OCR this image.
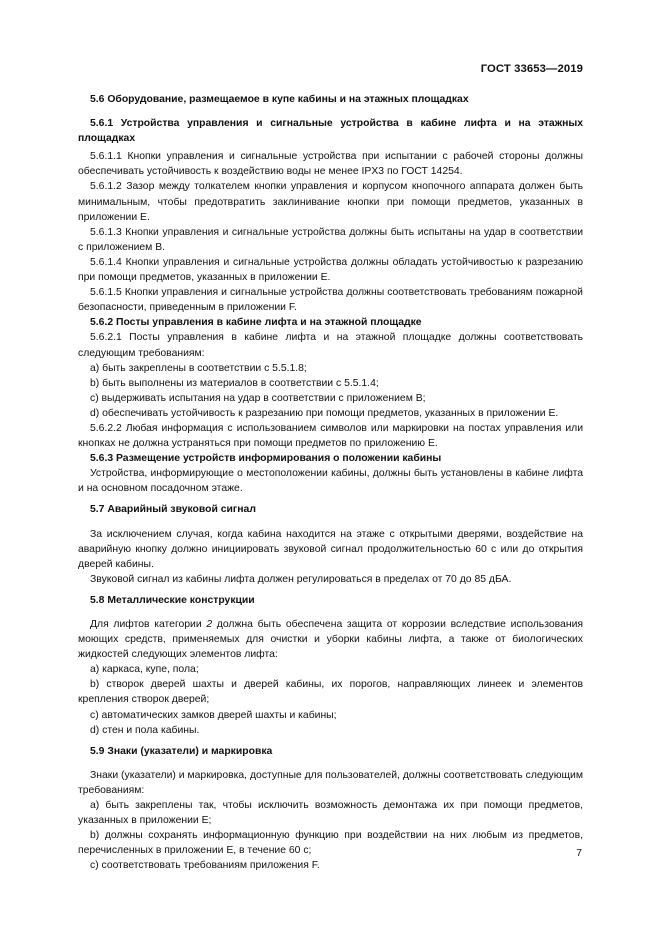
ГОСТ 33653—2019

5.6 Оборудование, размещаемое в купе кабины и на этажных площадках

5.6.1 Устройства управления и сигнальные устройства в кабине лифта и на этажных площадках

5.6.1.1 Кнопки управления и сигнальные устройства при испытании с рабочей стороны должны обеспечивать устойчивость к воздействию воды не менее IPX3 по ГОСТ 14254.

5.6.1.2 Зазор между толкателем кнопки управления и корпусом кнопочного аппарата должен быть минимальным, чтобы предотвратить заклинивание кнопки при помощи предметов, указанных в приложении Е.

5.6.1.3 Кнопки управления и сигнальные устройства должны быть испытаны на удар в соответствии с приложением В.

5.6.1.4 Кнопки управления и сигнальные устройства должны обладать устойчивостью к разрезанию при помощи предметов, указанных в приложении Е.

5.6.1.5 Кнопки управления и сигнальные устройства должны соответствовать требованиям пожарной безопасности, приведенным в приложении F.

5.6.2 Посты управления в кабине лифта и на этажной площадке

5.6.2.1 Посты управления в кабине лифта и на этажной площадке должны соответствовать следующим требованиям:

а) быть закреплены в соответствии с 5.5.1.8;

b) быть выполнены из материалов в соответствии с 5.5.1.4;

c) выдерживать испытания на удар в соответствии с приложением В;

d) обеспечивать устойчивость к разрезанию при помощи предметов, указанных в приложении Е.

5.6.2.2 Любая информация с использованием символов или маркировки на постах управления или кнопках не должна устраняться при помощи предметов по приложению Е.

5.6.3 Размещение устройств информирования о положении кабины

Устройства, информирующие о местоположении кабины, должны быть установлены в кабине лифта и на основном посадочном этаже.

5.7 Аварийный звуковой сигнал

За исключением случая, когда кабина находится на этаже с открытыми дверями, воздействие на аварийную кнопку должно инициировать звуковой сигнал продолжительностью 60 с или до открытия дверей кабины.

Звуковой сигнал из кабины лифта должен регулироваться в пределах от 70 до 85 дБА.

5.8 Металлические конструкции

Для лифтов категории 2 должна быть обеспечена защита от коррозии вследствие использования моющих средств, применяемых для очистки и уборки кабины лифта, а также от биологических жидкостей следующих элементов лифта:

а) каркаса, купе, пола;

b) створок дверей шахты и дверей кабины, их порогов, направляющих линеек и элементов крепления створок дверей;

c) автоматических замков дверей шахты и кабины;

d) стен и пола кабины.

5.9 Знаки (указатели) и маркировка

Знаки (указатели) и маркировка, доступные для пользователей, должны соответствовать следующим требованиям:

а) быть закреплены так, чтобы исключить возможность демонтажа их при помощи предметов, указанных в приложении Е;

b) должны сохранять информационную функцию при воздействии на них любым из предметов, перечисленных в приложении Е, в течение 60 с;

c) соответствовать требованиям приложения F.

7
